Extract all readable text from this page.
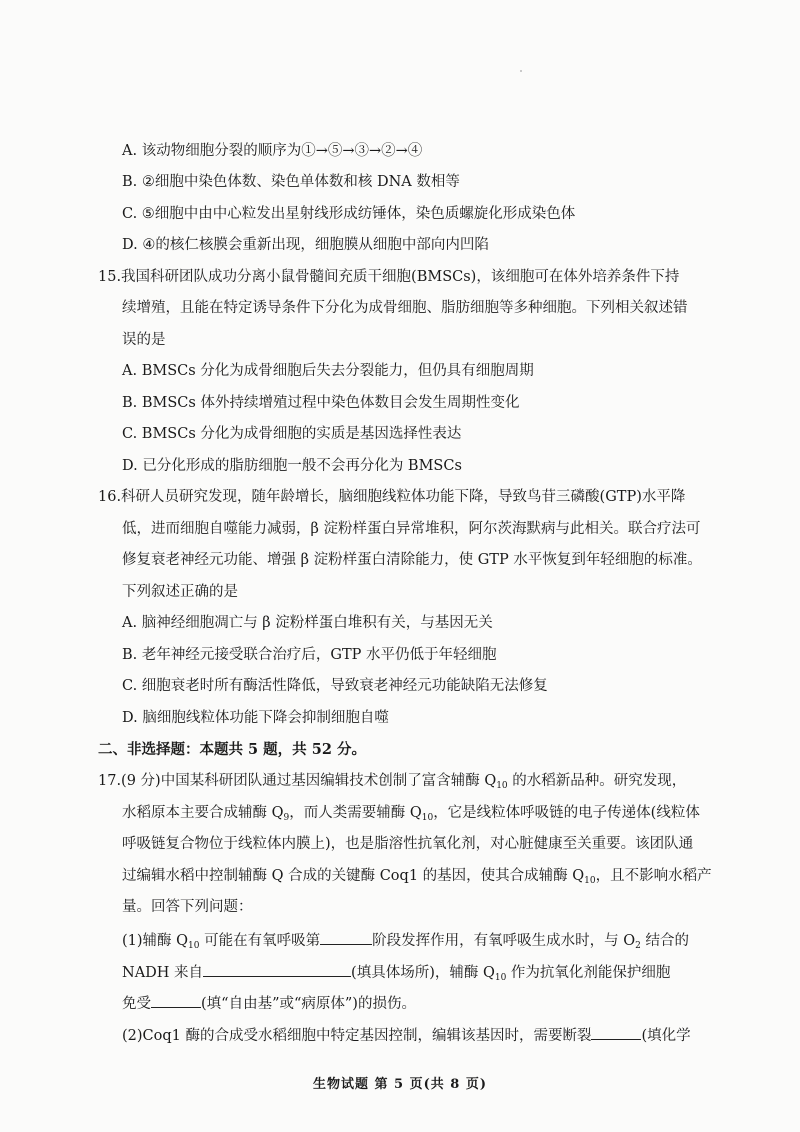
A. 该动物细胞分裂的顺序为①→⑤→③→②→④
B. ②细胞中染色体数、染色单体数和核 DNA 数相等
C. ⑤细胞中由中心粒发出星射线形成纺锤体，染色质螺旋化形成染色体
D. ④的核仁核膜会重新出现，细胞膜从细胞中部向内凹陷
15.我国科研团队成功分离小鼠骨髓间充质干细胞(BMSCs)，该细胞可在体外培养条件下持
续增殖，且能在特定诱导条件下分化为成骨细胞、脂肪细胞等多种细胞。下列相关叙述错
误的是
A. BMSCs 分化为成骨细胞后失去分裂能力，但仍具有细胞周期
B. BMSCs 体外持续增殖过程中染色体数目会发生周期性变化
C. BMSCs 分化为成骨细胞的实质是基因选择性表达
D. 已分化形成的脂肪细胞一般不会再分化为 BMSCs
16.科研人员研究发现，随年龄增长，脑细胞线粒体功能下降，导致鸟苷三磷酸(GTP)水平降
低，进而细胞自噬能力减弱，β 淀粉样蛋白异常堆积，阿尔茨海默病与此相关。联合疗法可
修复衰老神经元功能、增强 β 淀粉样蛋白清除能力，使 GTP 水平恢复到年轻细胞的标准。
下列叙述正确的是
A. 脑神经细胞凋亡与 β 淀粉样蛋白堆积有关，与基因无关
B. 老年神经元接受联合治疗后，GTP 水平仍低于年轻细胞
C. 细胞衰老时所有酶活性降低，导致衰老神经元功能缺陷无法修复
D. 脑细胞线粒体功能下降会抑制细胞自噬
二、非选择题：本题共 5 题，共 52 分。
17.(9 分)中国某科研团队通过基因编辑技术创制了富含辅酶 $Q_{10}$ 的水稻新品种。研究发现，
水稻原本主要合成辅酶 $Q_9$，而人类需要辅酶 $Q_{10}$，它是线粒体呼吸链的电子传递体(线粒体
呼吸链复合物位于线粒体内膜上)，也是脂溶性抗氧化剂，对心脏健康至关重要。该团队通
过编辑水稻中控制辅酶 Q 合成的关键酶 Coq1 的基因，使其合成辅酶 $Q_{10}$，且不影响水稻产
量。回答下列问题：
(1)辅酶 $Q_{10}$ 可能在有氧呼吸第	阶段发挥作用，有氧呼吸生成水时，与 $O_2$ 结合的
NADH 来自	(填具体场所)，辅酶 $Q_{10}$ 作为抗氧化剂能保护细胞
免受	(填“自由基”或“病原体”)的损伤。
(2)Coq1 酶的合成受水稻细胞中特定基因控制，编辑该基因时，需要断裂	(填化学
生物试题 第 5 页(共 8 页)
